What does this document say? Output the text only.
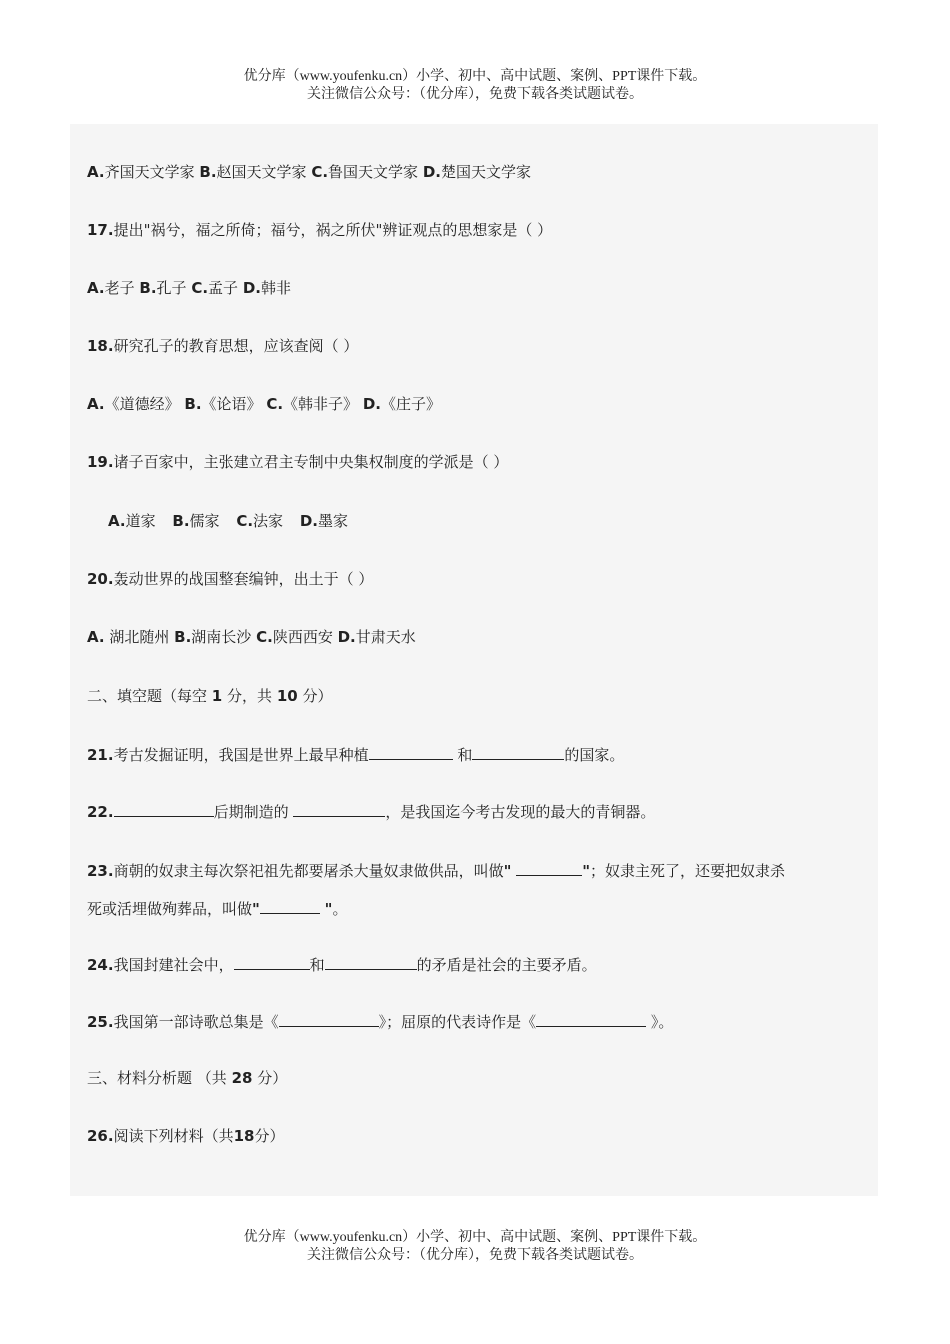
优分库（www.youfenku.cn）小学、初中、高中试题、案例、PPT课件下载。
关注微信公众号：（优分库），免费下载各类试题试卷。
A.齐国天文学家 B.赵国天文学家 C.鲁国天文学家 D.楚国天文学家
17.提出"祸兮，福之所倚；福兮，祸之所伏"辨证观点的思想家是（ ）
A.老子 B.孔子 C.孟子 D.韩非
18.研究孔子的教育思想，应该查阅（ ）
A.《道德经》 B.《论语》 C.《韩非子》 D.《庄子》
19.诸子百家中，主张建立君主专制中央集权制度的学派是（ ）
A.道家 B.儒家 C.法家 D.墨家
20.轰动世界的战国整套编钟，出土于（ ）
A. 湖北随州 B.湖南长沙 C.陕西西安 D.甘肃天水
二、填空题（每空 1 分，共 10 分）
21.考古发掘证明，我国是世界上最早种植	和	的国家。
22.	后期制造的	，是我国迄今考古发现的最大的青铜器。
23.商朝的奴隶主每次祭祀祖先都要屠杀大量奴隶做供品，叫做"	"；奴隶主死了，还要把奴隶杀
死或活埋做殉葬品，叫做"	"。
24.我国封建社会中，	和	的矛盾是社会的主要矛盾。
25.我国第一部诗歌总集是《	》；屈原的代表诗作是《	》。
三、材料分析题 （共 28 分）
26.阅读下列材料（共18分）
优分库（www.youfenku.cn）小学、初中、高中试题、案例、PPT课件下载。
关注微信公众号：（优分库），免费下载各类试题试卷。
